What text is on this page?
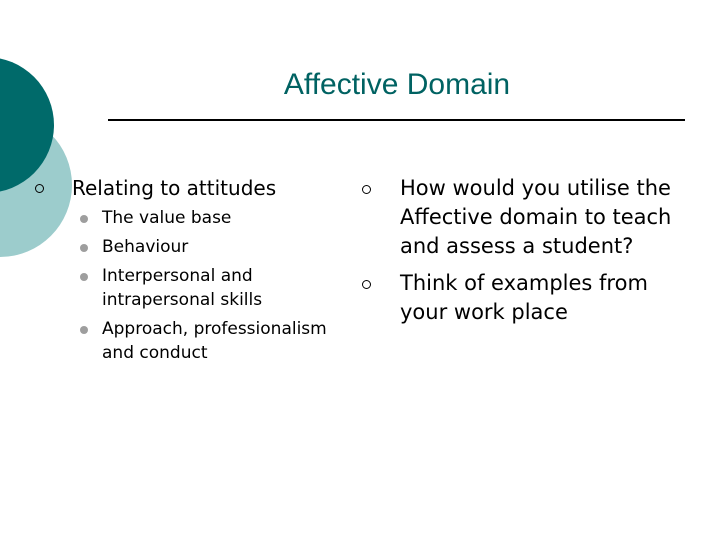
Affective Domain
Relating to attitudes
The value base
Behaviour
Interpersonal and intrapersonal skills
Approach, professionalism and conduct
How would you utilise the Affective domain to teach and assess a student?
Think of examples from your work place
